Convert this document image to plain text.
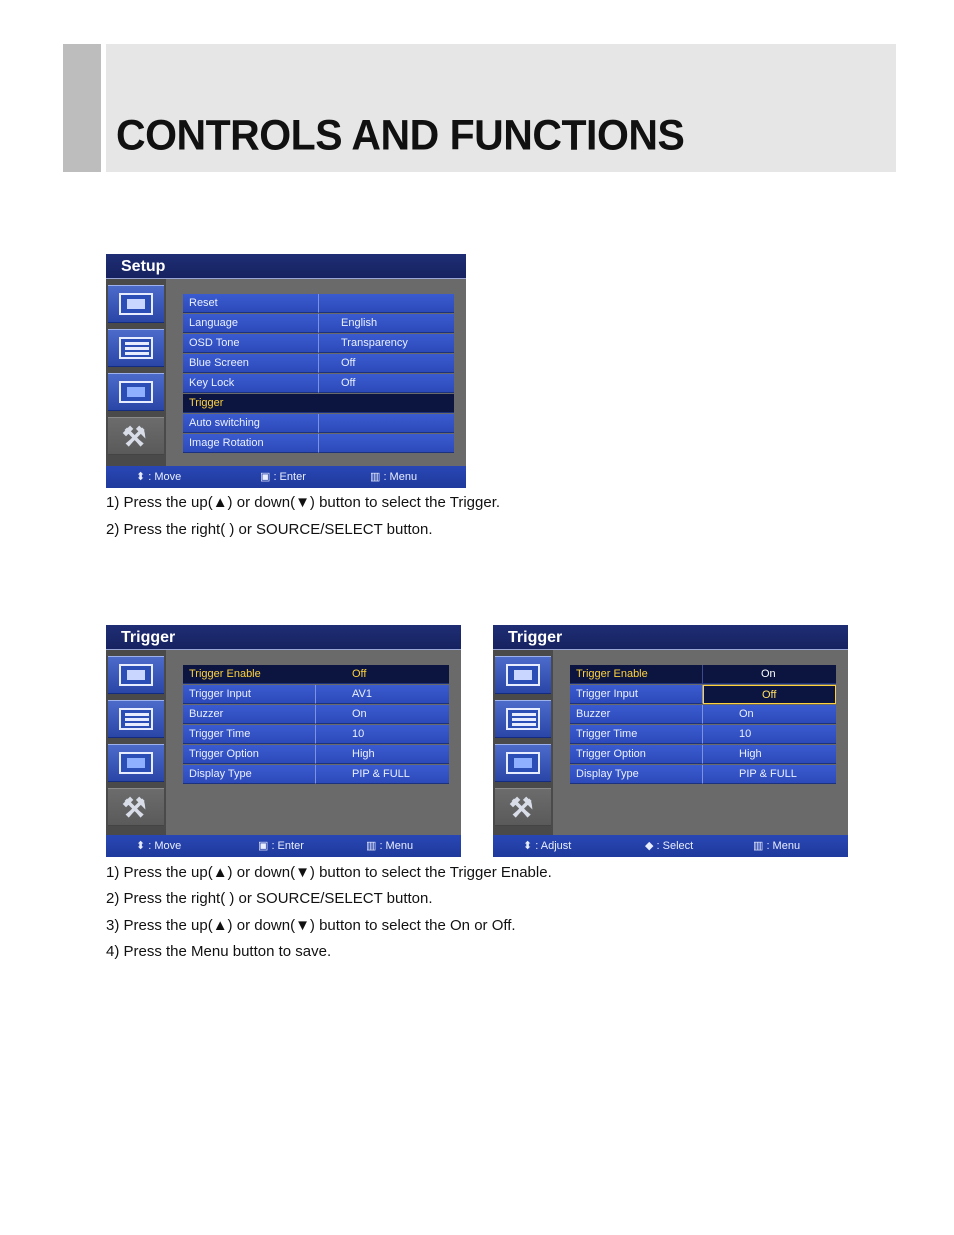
CONTROLS AND FUNCTIONS
Setup
⚒
Reset
Language	English
OSD Tone	Transparency
Blue Screen	Off
Key Lock	Off
Trigger
Auto switching
Image Rotation
⬍ : Move	▣ : Enter	▥ : Menu
1) Press the up(▲) or down(▼) button to select the Trigger.
2) Press the right( ) or SOURCE/SELECT button.
Trigger
⚒
Trigger Enable	Off
Trigger Input	AV1
Buzzer	On
Trigger Time	10
Trigger Option	High
Display Type	PIP & FULL
⬍ : Move	▣ : Enter	▥ : Menu
Trigger
⚒
Trigger Enable	On
Trigger Input	Off
Buzzer	On
Trigger Time	10
Trigger Option	High
Display Type	PIP & FULL
⬍ : Adjust	◆ : Select	▥ : Menu
1) Press the up(▲) or down(▼) button to select the Trigger Enable.
2) Press the right( ) or SOURCE/SELECT button.
3) Press the up(▲) or down(▼) button to select the On or Off.
4) Press the Menu button to save.
